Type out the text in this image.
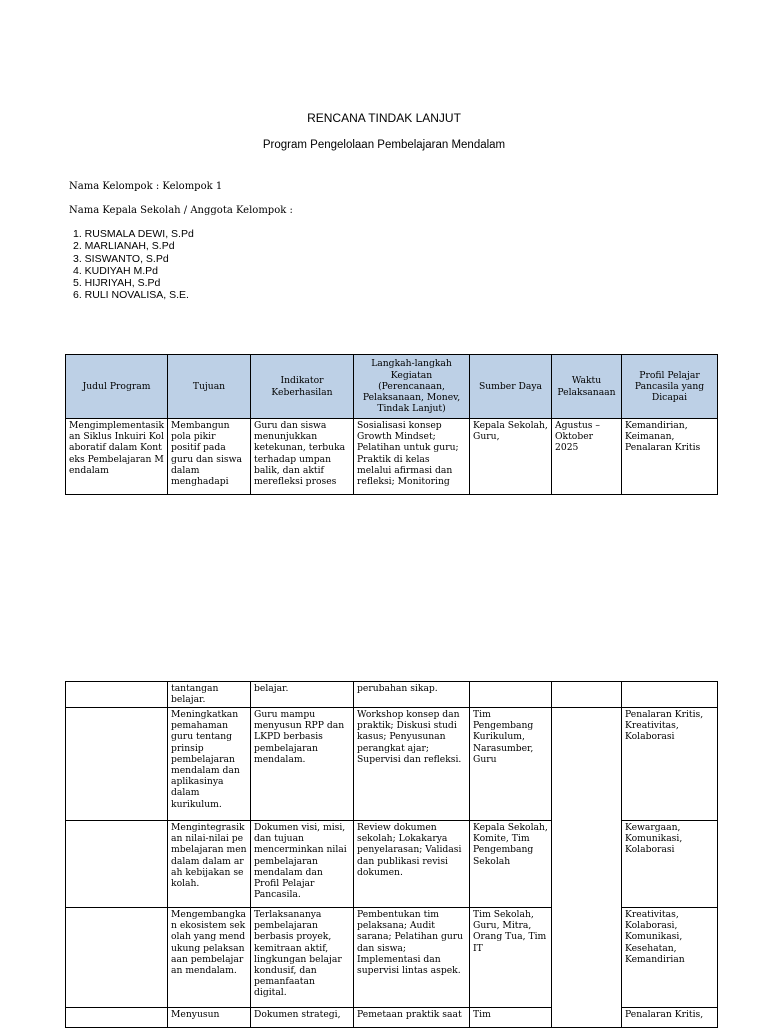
RENCANA TINDAK LANJUT
Program Pengelolaan Pembelajaran Mendalam
Nama Kelompok : Kelompok 1
Nama Kepala Sekolah / Anggota Kelompok :
1. RUSMALA DEWI, S.Pd
2. MARLIANAH, S.Pd
3. SISWANTO, S.Pd
4. KUDIYAH M.Pd
5. HIJRIYAH, S.Pd
6. RULI NOVALISA, S.E.
Judul Program	Tujuan	Indikator Keberhasilan	Langkah-langkah Kegiatan (Perencanaan, Pelaksanaan, Monev, Tindak Lanjut)	Sumber Daya	Waktu Pelaksanaan	Profil Pelajar Pancasila yang Dicapai
Mengimplementasikan Siklus Inkuiri Kolaboratif dalam Konteks Pembelajaran Mendalam	Membangun pola pikir positif pada guru dan siswa dalam menghadapi	Guru dan siswa menunjukkan ketekunan, terbuka terhadap umpan balik, dan aktif merefleksi proses	Sosialisasi konsep Growth Mindset; Pelatihan untuk guru; Praktik di kelas melalui afirmasi dan refleksi; Monitoring	Kepala Sekolah, Guru,	Agustus – Oktober 2025	Kemandirian, Keimanan, Penalaran Kritis
	tantangan belajar.	belajar.	perubahan sikap.			
	Meningkatkan pemahaman guru tentang prinsip pembelajaran mendalam dan aplikasinya dalam kurikulum.	Guru mampu menyusun RPP dan LKPD berbasis pembelajaran mendalam.	Workshop konsep dan praktik; Diskusi studi kasus; Penyusunan perangkat ajar; Supervisi dan refleksi.	Tim Pengembang Kurikulum, Narasumber, Guru		Penalaran Kritis, Kreativitas, Kolaborasi
	Mengintegrasikan nilai-nilai pembelajaran mendalam dalam arah kebijakan sekolah.	Dokumen visi, misi, dan tujuan mencerminkan nilai pembelajaran mendalam dan Profil Pelajar Pancasila.	Review dokumen sekolah; Lokakarya penyelarasan; Validasi dan publikasi revisi dokumen.	Kepala Sekolah, Komite, Tim Pengembang Sekolah		Kewargaan, Komunikasi, Kolaborasi
	Mengembangkan ekosistem sekolah yang mendukung pelaksanaan pembelajaran mendalam.	Terlaksananya pembelajaran berbasis proyek, kemitraan aktif, lingkungan belajar kondusif, dan pemanfaatan digital.	Pembentukan tim pelaksana; Audit sarana; Pelatihan guru dan siswa; Implementasi dan supervisi lintas aspek.	Tim Sekolah, Guru, Mitra, Orang Tua, Tim IT		Kreativitas, Kolaborasi, Komunikasi, Kesehatan, Kemandirian
	Menyusun	Dokumen strategi,	Pemetaan praktik saat	Tim		Penalaran Kritis,
